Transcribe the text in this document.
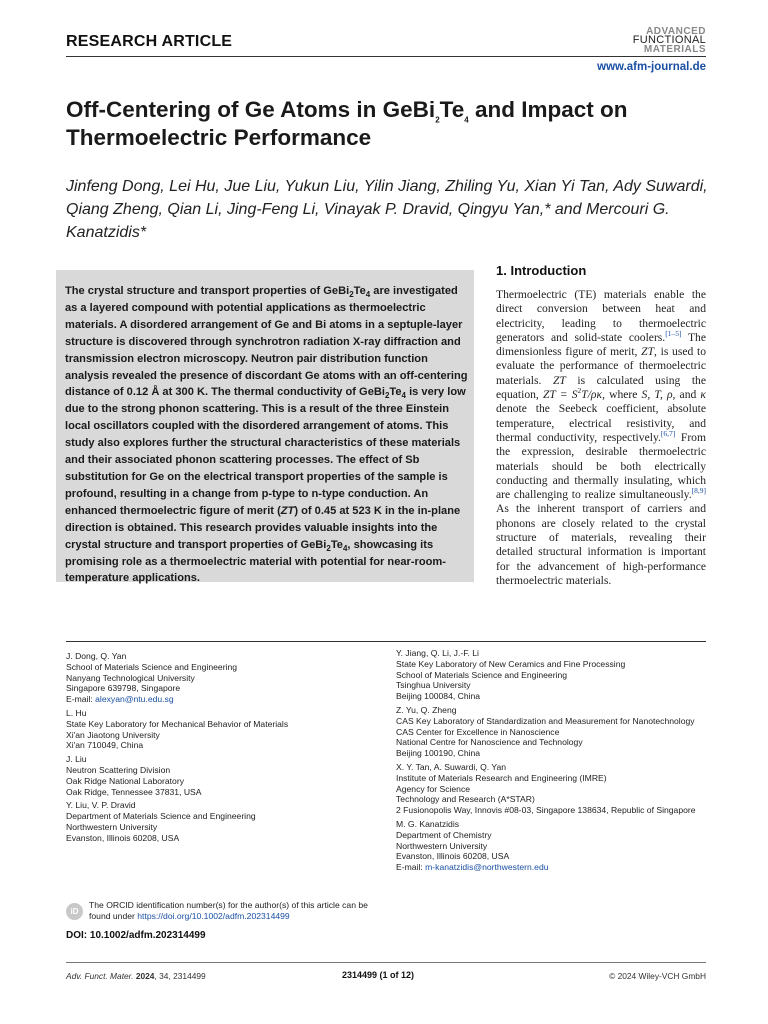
RESEARCH ARTICLE
ADVANCED
FUNCTIONAL
MATERIALS
www.afm-journal.de
Off-Centering of Ge Atoms in $GeBi_2Te_4$ and Impact on Thermoelectric Performance
Jinfeng Dong, Lei Hu, Jue Liu, Yukun Liu, Yilin Jiang, Zhiling Yu, Xian Yi Tan, Ady Suwardi, Qiang Zheng, Qian Li, Jing-Feng Li, Vinayak P. Dravid, Qingyu Yan,* and Mercouri G. Kanatzidis*
The crystal structure and transport properties of $GeBi_2Te_4$ are investigated as a layered compound with potential applications as thermoelectric materials. A disordered arrangement of Ge and Bi atoms in a septuple-layer structure is discovered through synchrotron radiation X-ray diffraction and transmission electron microscopy. Neutron pair distribution function analysis revealed the presence of discordant Ge atoms with an off-centering distance of 0.12 Å at 300 K. The thermal conductivity of $GeBi_2Te_4$ is very low due to the strong phonon scattering. This is a result of the three Einstein local oscillators coupled with the disordered arrangement of atoms. This study also explores further the structural characteristics of these materials and their associated phonon scattering processes. The effect of Sb substitution for Ge on the electrical transport properties of the sample is profound, resulting in a change from p-type to n-type conduction. An enhanced thermoelectric figure of merit (ZT) of 0.45 at 523 K in the in-plane direction is obtained. This research provides valuable insights into the crystal structure and transport properties of $GeBi_2Te_4$, showcasing its promising role as a thermoelectric material with potential for near-room-temperature applications.
1. Introduction
Thermoelectric (TE) materials enable the direct conversion between heat and electricity, leading to thermoelectric generators and solid-state coolers.[1–5] The dimensionless figure of merit, ZT, is used to evaluate the performance of thermoelectric materials. ZT is calculated using the equation, ZT = $S^2T/\rho\kappa$, where S, T, ρ, and κ denote the Seebeck coefficient, absolute temperature, electrical resistivity, and thermal conductivity, respectively.[6,7] From the expression, desirable thermoelectric materials should be both electrically conducting and thermally insulating, which are challenging to realize simultaneously.[8,9] As the inherent transport of carriers and phonons are closely related to the crystal structure of materials, revealing their detailed structural information is important for the advancement of high-performance thermoelectric materials.
J. Dong, Q. Yan
School of Materials Science and Engineering
Nanyang Technological University
Singapore 639798, Singapore
E-mail: alexyan@ntu.edu.sg
L. Hu
State Key Laboratory for Mechanical Behavior of Materials
Xi'an Jiaotong University
Xi'an 710049, China
J. Liu
Neutron Scattering Division
Oak Ridge National Laboratory
Oak Ridge, Tennessee 37831, USA
Y. Liu, V. P. Dravid
Department of Materials Science and Engineering
Northwestern University
Evanston, Illinois 60208, USA
Y. Jiang, Q. Li, J.-F. Li
State Key Laboratory of New Ceramics and Fine Processing
School of Materials Science and Engineering
Tsinghua University
Beijing 100084, China
Z. Yu, Q. Zheng
CAS Key Laboratory of Standardization and Measurement for Nanotechnology
CAS Center for Excellence in Nanoscience
National Centre for Nanoscience and Technology
Beijing 100190, China
X. Y. Tan, A. Suwardi, Q. Yan
Institute of Materials Research and Engineering (IMRE)
Agency for Science
Technology and Research (A*STAR)
2 Fusionopolis Way, Innovis #08-03, Singapore 138634, Republic of Singapore
M. G. Kanatzidis
Department of Chemistry
Northwestern University
Evanston, Illinois 60208, USA
E-mail: m-kanatzidis@northwestern.edu
iD
The ORCID identification number(s) for the author(s) of this article can be found under https://doi.org/10.1002/adfm.202314499
DOI: 10.1002/adfm.202314499
Adv. Funct. Mater. 2024, 34, 2314499	2314499 (1 of 12)	© 2024 Wiley-VCH GmbH
